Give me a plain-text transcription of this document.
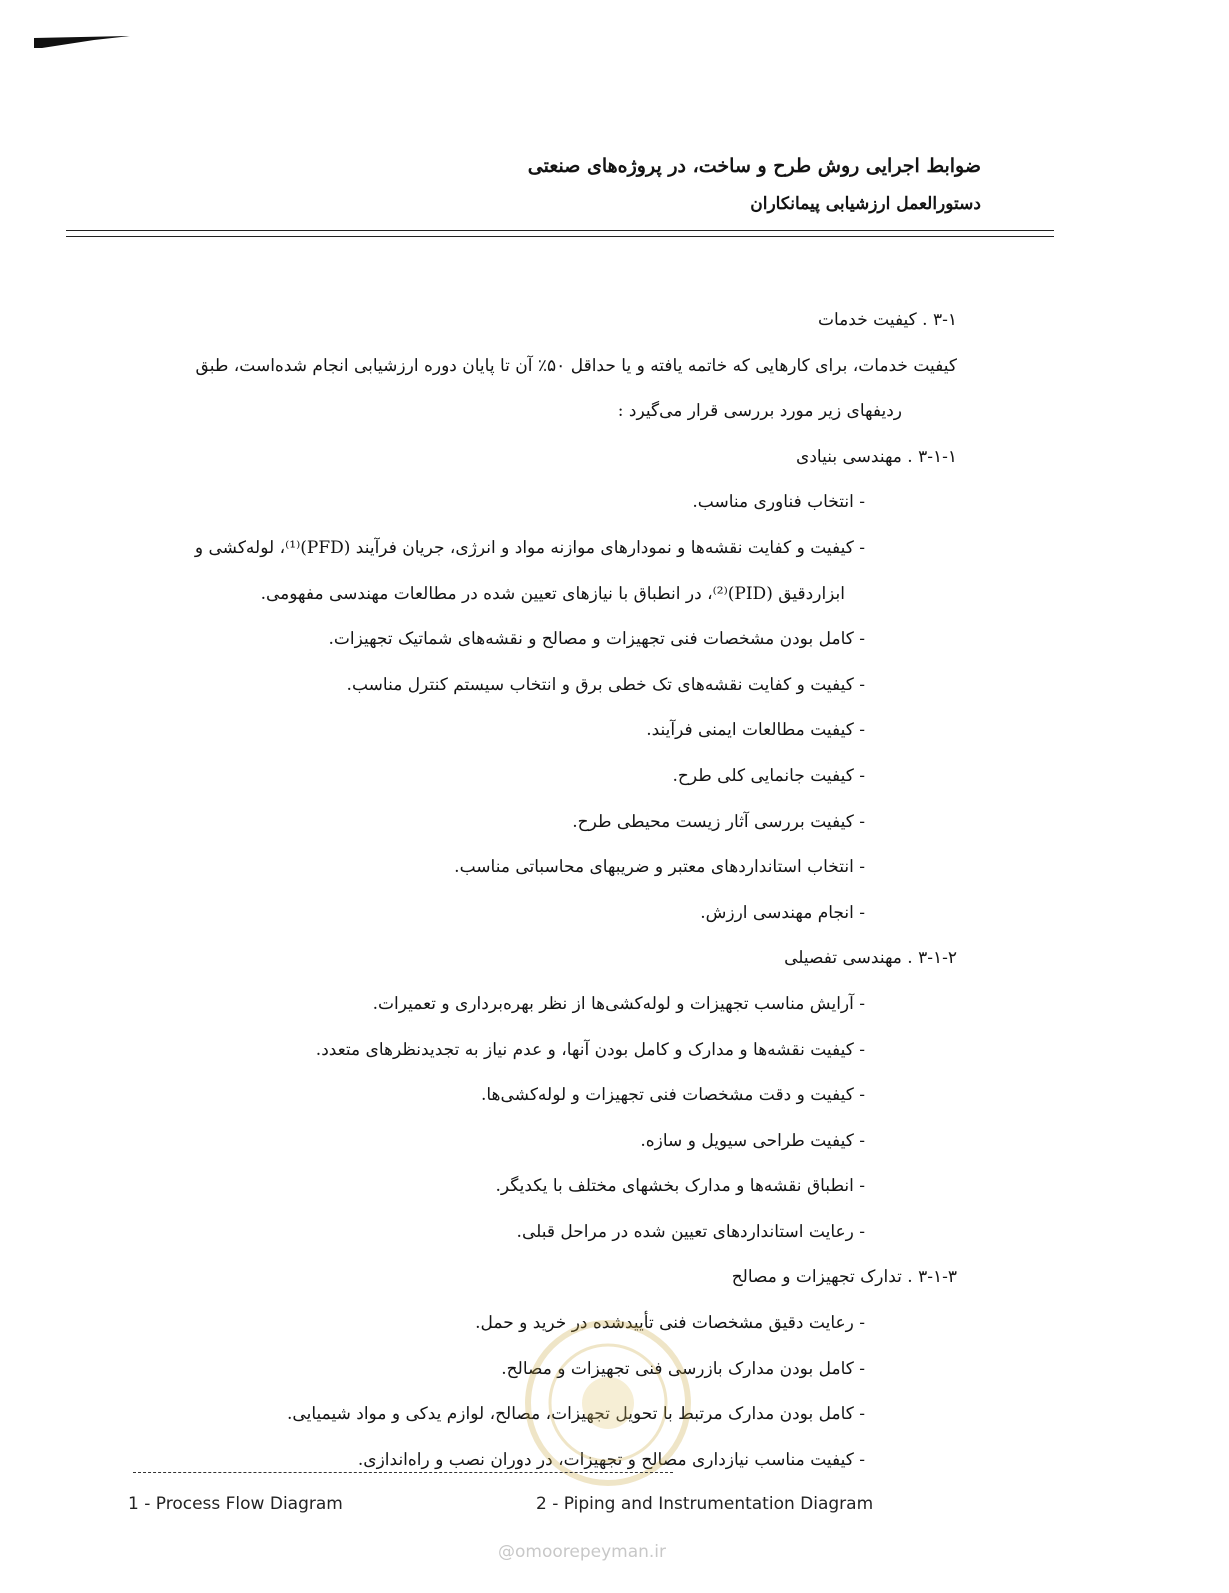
ضوابط اجرایی روش طرح و ساخت، در پروژه‌های صنعتی
دستورالعمل ارزشیابی پیمانکاران
۳-۱ . کیفیت خدمات
کیفیت خدمات، برای کارهایی که خاتمه یافته و یا حداقل ۵۰٪ آن تا پایان دوره ارزشیابی انجام شده‌است، طبق
ردیفهای زیر مورد بررسی قرار می‌گیرد :
۳-۱-۱ . مهندسی بنیادی
- انتخاب فناوری مناسب.
- کیفیت و کفایت نقشه‌ها و نمودارهای موازنه مواد و انرژی، جریان فرآیند (PFD)⁽¹⁾، لوله‌کشی و
ابزاردقیق (PID)⁽²⁾، در انطباق با نیازهای تعیین شده در مطالعات مهندسی مفهومی.
- کامل بودن مشخصات فنی تجهیزات و مصالح و نقشه‌های شماتیک تجهیزات.
- کیفیت و کفایت نقشه‌های تک خطی برق و انتخاب سیستم کنترل مناسب.
- کیفیت مطالعات ایمنی فرآیند.
- کیفیت جانمایی کلی طرح.
- کیفیت بررسی آثار زیست محیطی طرح.
- انتخاب استانداردهای معتبر و ضریبهای محاسباتی مناسب.
- انجام مهندسی ارزش.
۳-۱-۲ . مهندسی تفصیلی
- آرایش مناسب تجهیزات و لوله‌کشی‌ها از نظر بهره‌برداری و تعمیرات.
- کیفیت نقشه‌ها و مدارک و کامل بودن آنها، و عدم نیاز به تجدیدنظرهای متعدد.
- کیفیت و دقت مشخصات فنی تجهیزات و لوله‌کشی‌ها.
- کیفیت طراحی سیویل و سازه.
- انطباق نقشه‌ها و مدارک بخشهای مختلف با یکدیگر.
- رعایت استانداردهای تعیین شده در مراحل قبلی.
۳-۱-۳ . تدارک تجهیزات و مصالح
- رعایت دقیق مشخصات فنی تأییدشده در خرید و حمل.
- کامل بودن مدارک بازرسی فنی تجهیزات و مصالح.
- کامل بودن مدارک مرتبط با تحویل تجهیزات، مصالح، لوازم یدکی و مواد شیمیایی.
- کیفیت مناسب نیازداری مصالح و تجهیزات، در دوران نصب و راه‌اندازی.
1 - Process Flow Diagram	2 - Piping and Instrumentation Diagram
@omoorepeyman.ir
